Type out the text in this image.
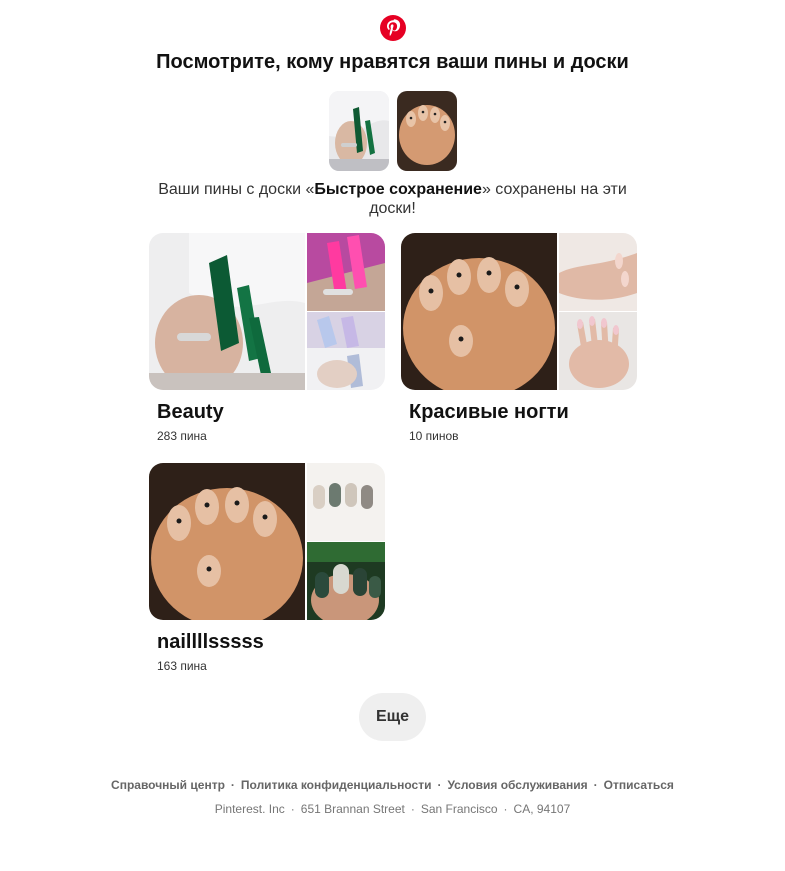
Посмотрите, кому нравятся ваши пины и доски
Ваши пины с доски «Быстрое сохранение» сохранены на эти доски!
Beauty
283 пина
Красивые ногти
10 пинов
naillllsssss
163 пина
Еще
Справочный центр · Политика конфиденциальности · Условия обслуживания · Отписаться
Pinterest. Inc · 651 Brannan Street · San Francisco · CA, 94107
